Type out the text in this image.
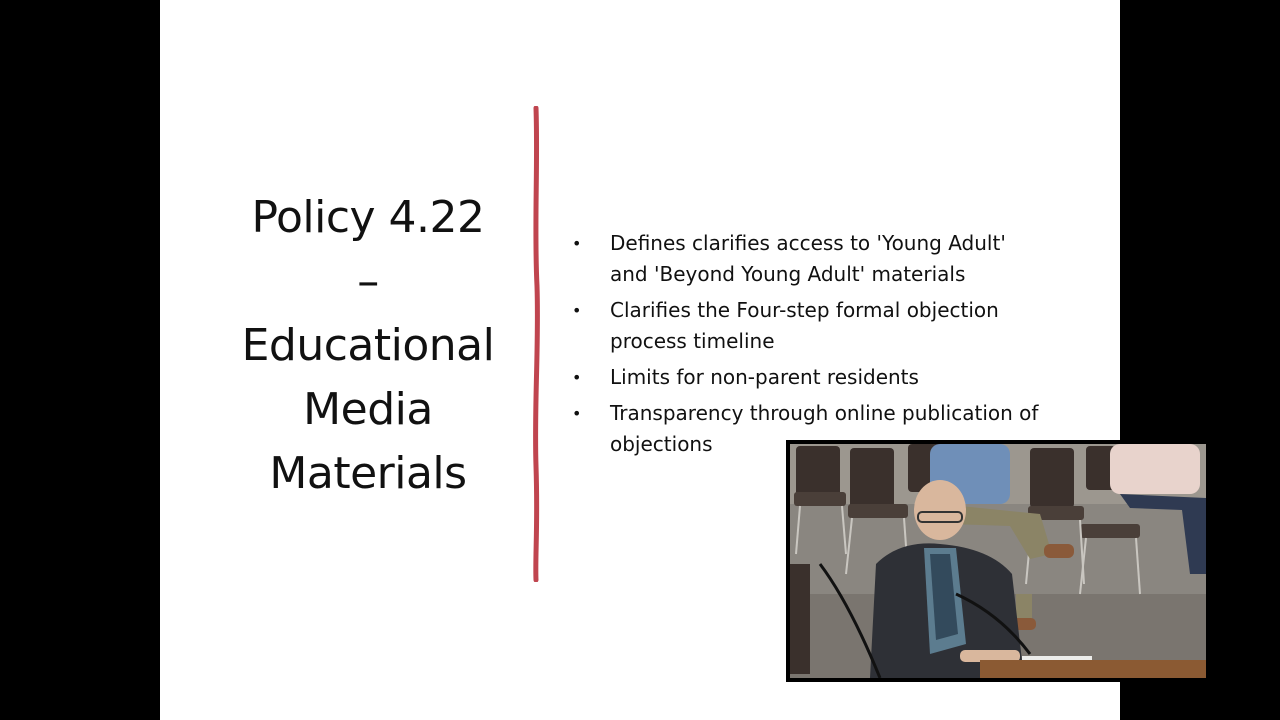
Policy 4.22
–
Educational
Media
Materials
• Defines clarifies access to 'Young Adult' and 'Beyond Young Adult' materials
• Clarifies the Four-step formal objection process timeline
• Limits for non-parent residents
• Transparency through online publication of objections
